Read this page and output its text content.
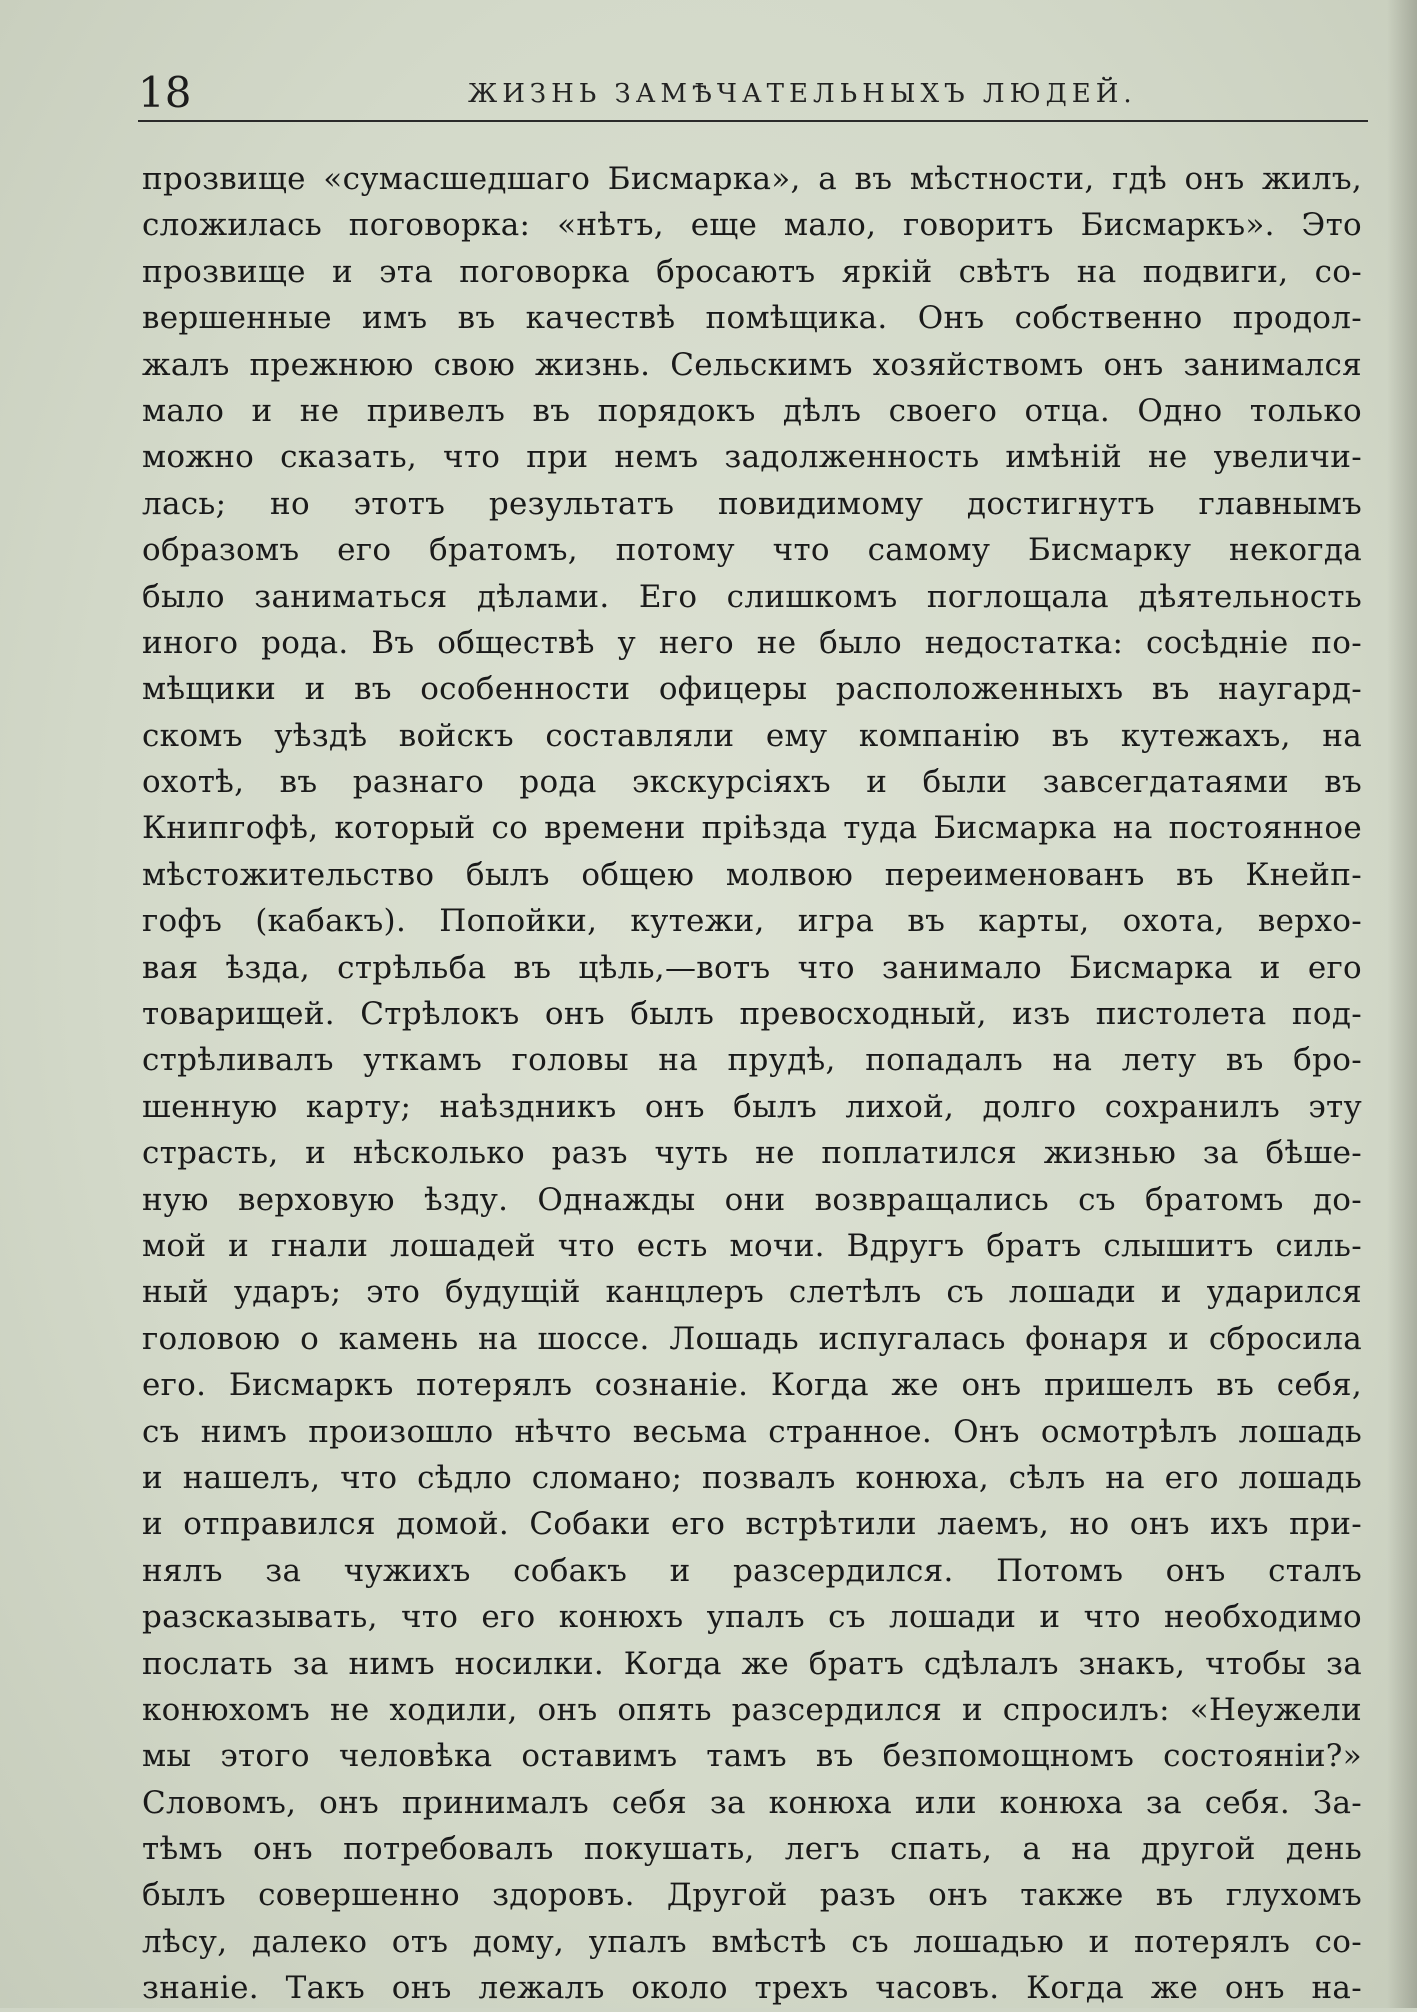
18	ЖИЗНЬ ЗАМѢЧАТЕЛЬНЫХЪ ЛЮДЕЙ.
прозвище «сумасшедшаго Бисмарка», а въ мѣстности, гдѣ онъ жилъ,
сложилась поговорка: «нѣтъ, еще мало, говоритъ Бисмаркъ». Это
прозвище и эта поговорка бросаютъ яркій свѣтъ на подвиги, со-
вершенные имъ въ качествѣ помѣщика. Онъ собственно продол-
жалъ прежнюю свою жизнь. Сельскимъ хозяйствомъ онъ занимался
мало и не привелъ въ порядокъ дѣлъ своего отца. Одно только
можно сказать, что при немъ задолженность имѣній не увеличи-
лась; но этотъ результатъ повидимому достигнутъ главнымъ
образомъ его братомъ, потому что самому Бисмарку некогда
было заниматься дѣлами. Его слишкомъ поглощала дѣятельность
иного рода. Въ обществѣ у него не было недостатка: сосѣдніе по-
мѣщики и въ особенности офицеры расположенныхъ въ наугард-
скомъ уѣздѣ войскъ составляли ему компанію въ кутежахъ, на
охотѣ, въ разнаго рода экскурсіяхъ и были завсегдатаями въ
Книпгофѣ, который со времени пріѣзда туда Бисмарка на постоянное
мѣстожительство былъ общею молвою переименованъ въ Кнейп-
гофъ (кабакъ). Попойки, кутежи, игра въ карты, охота, верхо-
вая ѣзда, стрѣльба въ цѣль,—вотъ что занимало Бисмарка и его
товарищей. Стрѣлокъ онъ былъ превосходный, изъ пистолета под-
стрѣливалъ уткамъ головы на прудѣ, попадалъ на лету въ бро-
шенную карту; наѣздникъ онъ былъ лихой, долго сохранилъ эту
страсть, и нѣсколько разъ чуть не поплатился жизнью за бѣше-
ную верховую ѣзду. Однажды они возвращались съ братомъ до-
мой и гнали лошадей что есть мочи. Вдругъ братъ слышитъ силь-
ный ударъ; это будущій канцлеръ слетѣлъ съ лошади и ударился
головою о камень на шоссе. Лошадь испугалась фонаря и сбросила
его. Бисмаркъ потерялъ сознаніе. Когда же онъ пришелъ въ себя,
съ нимъ произошло нѣчто весьма странное. Онъ осмотрѣлъ лошадь
и нашелъ, что сѣдло сломано; позвалъ конюха, сѣлъ на его лошадь
и отправился домой. Собаки его встрѣтили лаемъ, но онъ ихъ при-
нялъ за чужихъ собакъ и разсердился. Потомъ онъ сталъ
разсказывать, что его конюхъ упалъ съ лошади и что необходимо
послать за нимъ носилки. Когда же братъ сдѣлалъ знакъ, чтобы за
конюхомъ не ходили, онъ опять разсердился и спросилъ: «Неужели
мы этого человѣка оставимъ тамъ въ безпомощномъ состояніи?»
Словомъ, онъ принималъ себя за конюха или конюха за себя. За-
тѣмъ онъ потребовалъ покушать, легъ спать, а на другой день
былъ совершенно здоровъ. Другой разъ онъ также въ глухомъ
лѣсу, далеко отъ дому, упалъ вмѣстѣ съ лошадью и потерялъ со-
знаніе. Такъ онъ лежалъ около трехъ часовъ. Когда же онъ на-
